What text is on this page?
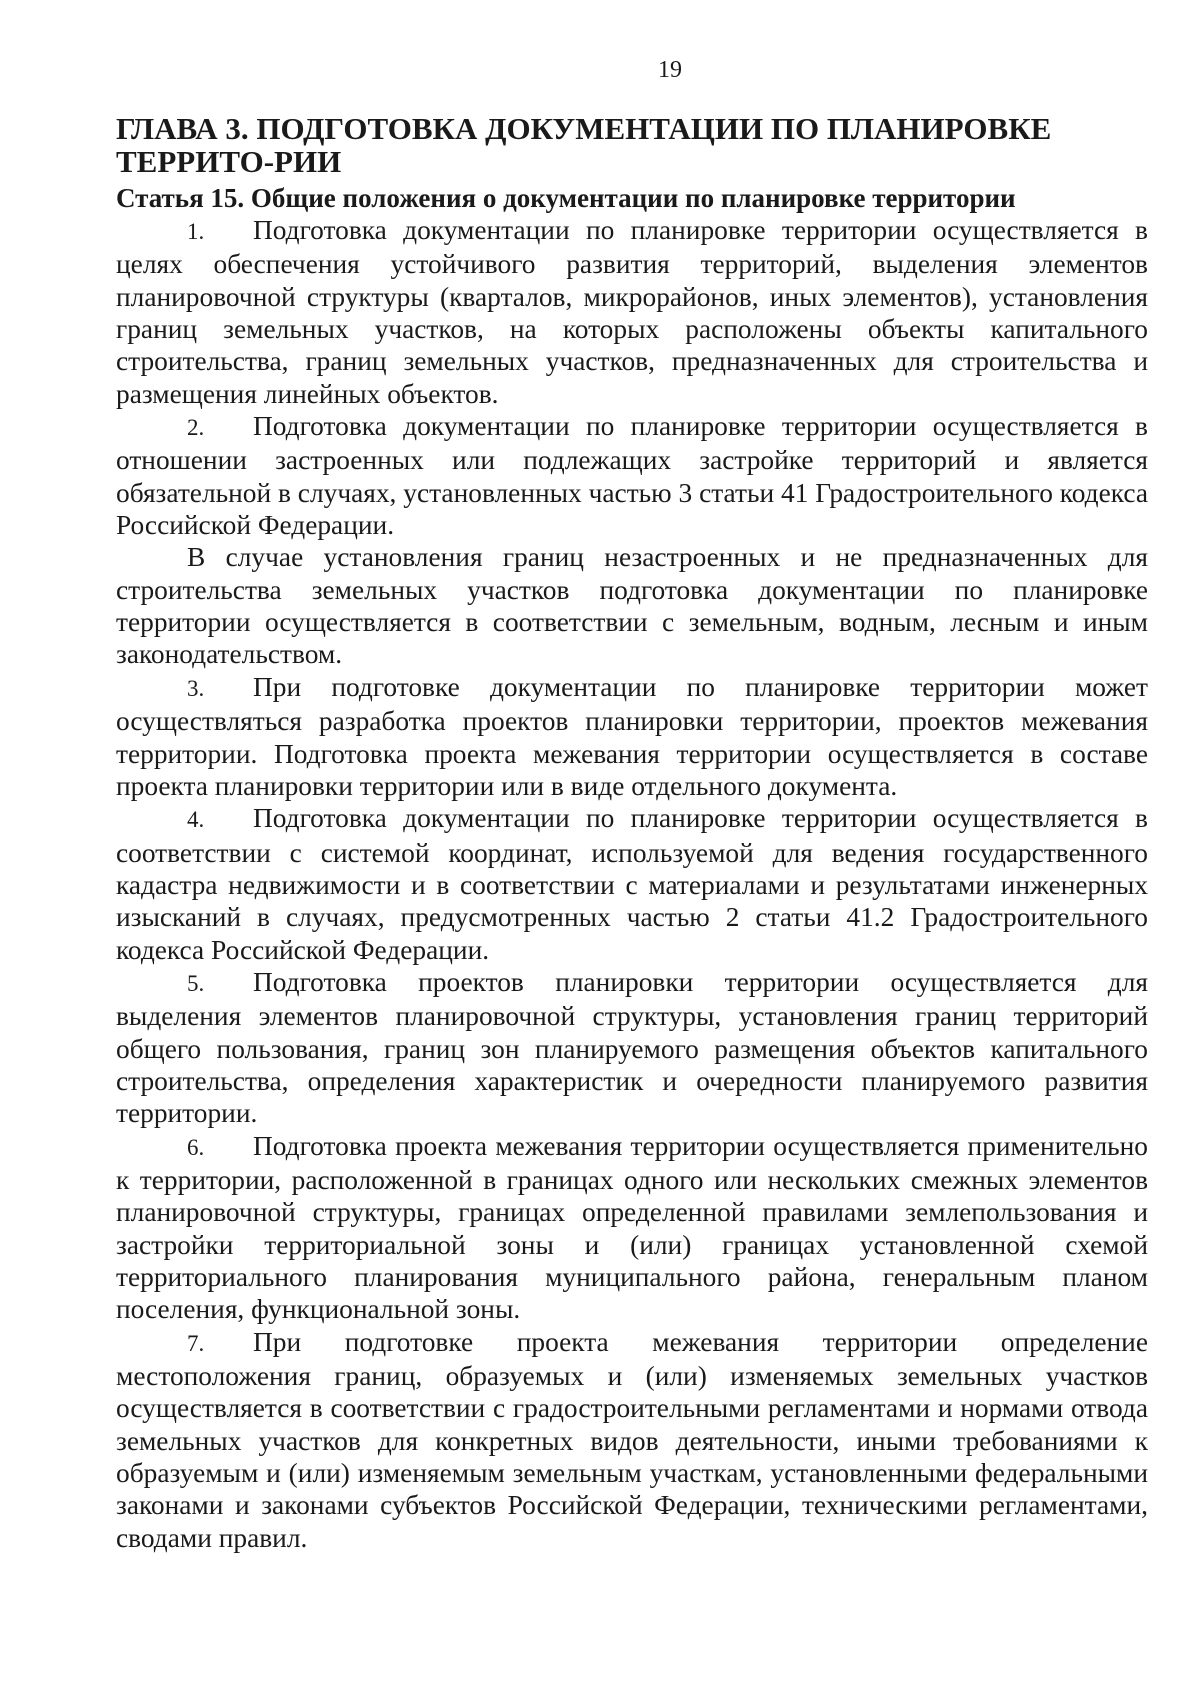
19
ГЛАВА 3. ПОДГОТОВКА ДОКУМЕНТАЦИИ ПО ПЛАНИРОВКЕ ТЕРРИТО-РИИ
Статья 15. Общие положения о документации по планировке территории

1. Подготовка документации по планировке территории осуществляется в целях обеспечения устойчивого развития территорий, выделения элементов планировочной структуры (кварталов, микрорайонов, иных элементов), установления границ земельных участков, на которых расположены объекты капитального строительства, границ земельных участков, предназначенных для строительства и размещения линейных объектов.

2. Подготовка документации по планировке территории осуществляется в отношении застроенных или подлежащих застройке территорий и является обязательной в случаях, установленных частью 3 статьи 41 Градостроительного кодекса Российской Федерации.

В случае установления границ незастроенных и не предназначенных для строительства земельных участков подготовка документации по планировке территории осуществляется в соответствии с земельным, водным, лесным и иным законодательством.

3. При подготовке документации по планировке территории может осуществляться разработка проектов планировки территории, проектов межевания территории. Подготовка проекта межевания территории осуществляется в составе проекта планировки территории или в виде отдельного документа.

4. Подготовка документации по планировке территории осуществляется в соответствии с системой координат, используемой для ведения государственного кадастра недвижимости и в соответствии с материалами и результатами инженерных изысканий в случаях, предусмотренных частью 2 статьи 41.2 Градостроительного кодекса Российской Федерации.

5. Подготовка проектов планировки территории осуществляется для выделения элементов планировочной структуры, установления границ территорий общего пользования, границ зон планируемого размещения объектов капитального строительства, определения характеристик и очередности планируемого развития территории.

6. Подготовка проекта межевания территории осуществляется применительно к территории, расположенной в границах одного или нескольких смежных элементов планировочной структуры, границах определенной правилами землепользования и застройки территориальной зоны и (или) границах установленной схемой территориального планирования муниципального района, генеральным планом поселения, функциональной зоны.

7. При подготовке проекта межевания территории определение местоположения границ, образуемых и (или) изменяемых земельных участков осуществляется в соответствии с градостроительными регламентами и нормами отвода земельных участков для конкретных видов деятельности, иными требованиями к образуемым и (или) изменяемым земельным участкам, установленными федеральными законами и законами субъектов Российской Федерации, техническими регламентами, сводами правил.
